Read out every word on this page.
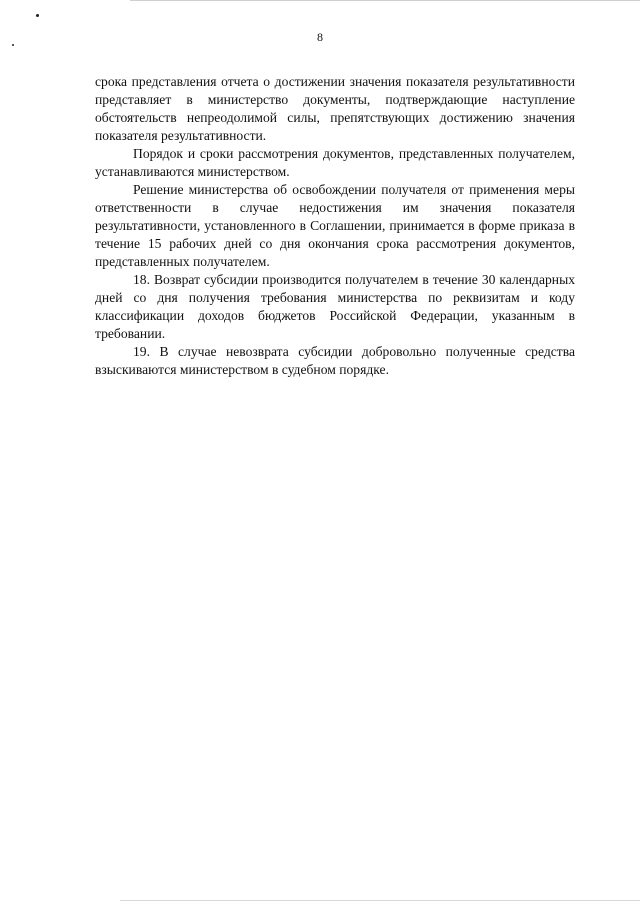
8

срока представления отчета о достижении значения показателя результативности представляет в министерство документы, подтверждающие наступление обстоятельств непреодолимой силы, препятствующих достижению значения показателя результативности.

Порядок и сроки рассмотрения документов, представленных получателем, устанавливаются министерством.

Решение министерства об освобождении получателя от применения меры ответственности в случае недостижения им значения показателя результативности, установленного в Соглашении, принимается в форме приказа в течение 15 рабочих дней со дня окончания срока рассмотрения документов, представленных получателем.

18. Возврат субсидии производится получателем в течение 30 календарных дней со дня получения требования министерства по реквизитам и коду классификации доходов бюджетов Российской Федерации, указанным в требовании.

19. В случае невозврата субсидии добровольно полученные средства взыскиваются министерством в судебном порядке.
